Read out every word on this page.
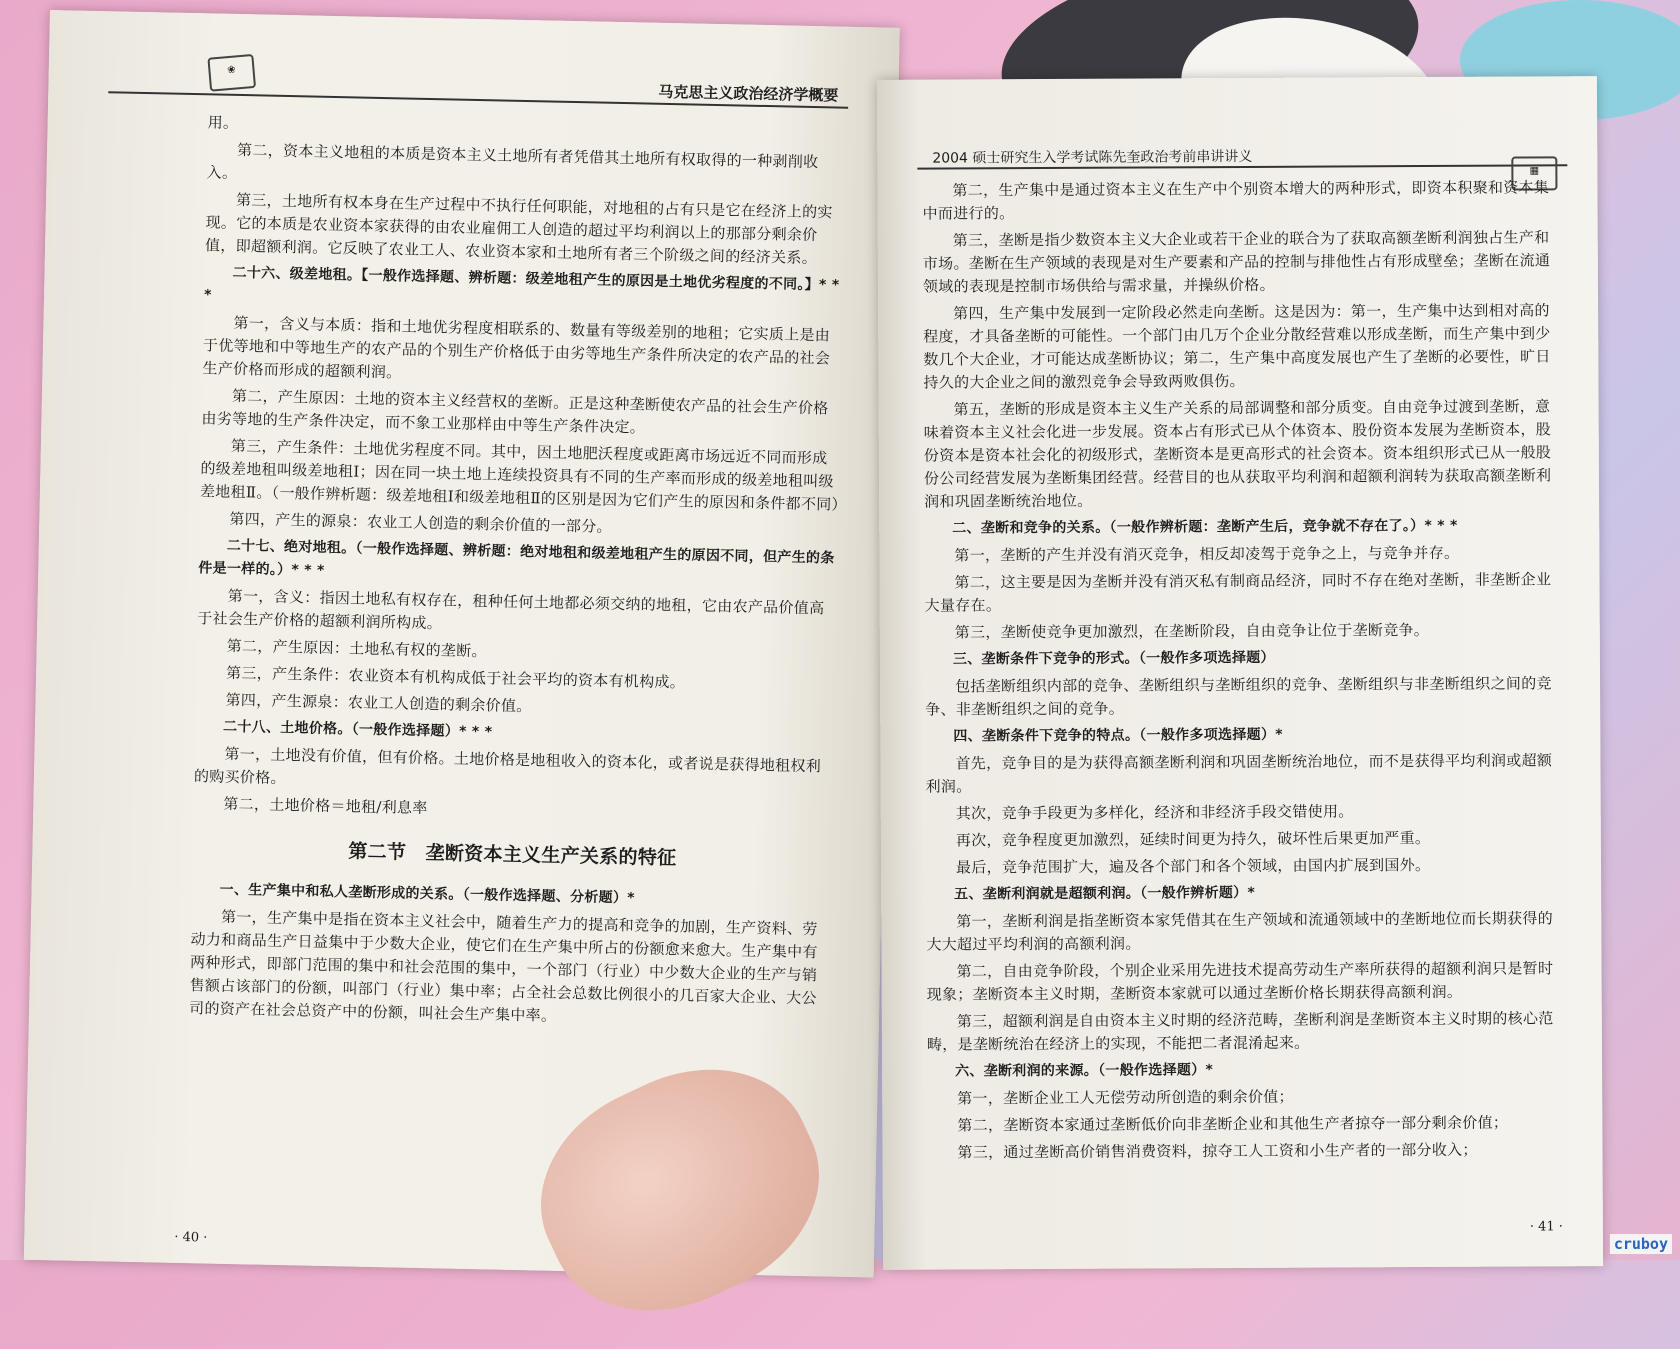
❀
马克思主义政治经济学概要

用。

第二，资本主义地租的本质是资本主义土地所有者凭借其土地所有权取得的一种剥削收入。

第三，土地所有权本身在生产过程中不执行任何职能，对地租的占有只是它在经济上的实现。它的本质是农业资本家获得的由农业雇佣工人创造的超过平均利润以上的那部分剩余价值，即超额利润。它反映了农业工人、农业资本家和土地所有者三个阶级之间的经济关系。

二十六、级差地租。【一般作选择题、辨析题：级差地租产生的原因是土地优劣程度的不同。】* * *

第一，含义与本质：指和土地优劣程度相联系的、数量有等级差别的地租；它实质上是由于优等地和中等地生产的农产品的个别生产价格低于由劣等地生产条件所决定的农产品的社会生产价格而形成的超额利润。

第二，产生原因：土地的资本主义经营权的垄断。正是这种垄断使农产品的社会生产价格由劣等地的生产条件决定，而不象工业那样由中等生产条件决定。

第三，产生条件：土地优劣程度不同。其中，因土地肥沃程度或距离市场远近不同而形成的级差地租叫级差地租Ⅰ；因在同一块土地上连续投资具有不同的生产率而形成的级差地租叫级差地租Ⅱ。（一般作辨析题：级差地租Ⅰ和级差地租Ⅱ的区别是因为它们产生的原因和条件都不同）

第四，产生的源泉：农业工人创造的剩余价值的一部分。

二十七、绝对地租。（一般作选择题、辨析题：绝对地租和级差地租产生的原因不同，但产生的条件是一样的。）* * *

第一，含义：指因土地私有权存在，租种任何土地都必须交纳的地租，它由农产品价值高于社会生产价格的超额利润所构成。

第二，产生原因：土地私有权的垄断。

第三，产生条件：农业资本有机构成低于社会平均的资本有机构成。

第四，产生源泉：农业工人创造的剩余价值。

二十八、土地价格。（一般作选择题）* * *

第一，土地没有价值，但有价格。土地价格是地租收入的资本化，或者说是获得地租权利的购买价格。

第二，土地价格＝地租/利息率

第二节　垄断资本主义生产关系的特征

一、生产集中和私人垄断形成的关系。（一般作选择题、分析题）*

第一，生产集中是指在资本主义社会中，随着生产力的提高和竞争的加剧，生产资料、劳动力和商品生产日益集中于少数大企业，使它们在生产集中所占的份额愈来愈大。生产集中有两种形式，即部门范围的集中和社会范围的集中，一个部门（行业）中少数大企业的生产与销售额占该部门的份额，叫部门（行业）集中率；占全社会总数比例很小的几百家大企业、大公司的资产在社会总资产中的份额，叫社会生产集中率。

· 40 ·
2004 硕士研究生入学考试陈先奎政治考前串讲讲义
▦

第二，生产集中是通过资本主义在生产中个别资本增大的两种形式，即资本积聚和资本集中而进行的。

第三，垄断是指少数资本主义大企业或若干企业的联合为了获取高额垄断利润独占生产和市场。垄断在生产领域的表现是对生产要素和产品的控制与排他性占有形成壁垒；垄断在流通领域的表现是控制市场供给与需求量，并操纵价格。

第四，生产集中发展到一定阶段必然走向垄断。这是因为：第一，生产集中达到相对高的程度，才具备垄断的可能性。一个部门由几万个企业分散经营难以形成垄断，而生产集中到少数几个大企业，才可能达成垄断协议；第二，生产集中高度发展也产生了垄断的必要性，旷日持久的大企业之间的激烈竞争会导致两败俱伤。

第五，垄断的形成是资本主义生产关系的局部调整和部分质变。自由竞争过渡到垄断，意味着资本主义社会化进一步发展。资本占有形式已从个体资本、股份资本发展为垄断资本，股份资本是资本社会化的初级形式，垄断资本是更高形式的社会资本。资本组织形式已从一般股份公司经营发展为垄断集团经营。经营目的也从获取平均利润和超额利润转为获取高额垄断利润和巩固垄断统治地位。

二、垄断和竞争的关系。（一般作辨析题：垄断产生后，竞争就不存在了。）* * *

第一，垄断的产生并没有消灭竞争，相反却凌驾于竞争之上，与竞争并存。

第二，这主要是因为垄断并没有消灭私有制商品经济，同时不存在绝对垄断，非垄断企业大量存在。

第三，垄断使竞争更加激烈，在垄断阶段，自由竞争让位于垄断竞争。

三、垄断条件下竞争的形式。（一般作多项选择题）

包括垄断组织内部的竞争、垄断组织与垄断组织的竞争、垄断组织与非垄断组织之间的竞争、非垄断组织之间的竞争。

四、垄断条件下竞争的特点。（一般作多项选择题）*

首先，竞争目的是为获得高额垄断利润和巩固垄断统治地位，而不是获得平均利润或超额利润。

其次，竞争手段更为多样化，经济和非经济手段交错使用。

再次，竞争程度更加激烈，延续时间更为持久，破坏性后果更加严重。

最后，竞争范围扩大，遍及各个部门和各个领域，由国内扩展到国外。

五、垄断利润就是超额利润。（一般作辨析题）*

第一，垄断利润是指垄断资本家凭借其在生产领域和流通领域中的垄断地位而长期获得的大大超过平均利润的高额利润。

第二，自由竞争阶段，个别企业采用先进技术提高劳动生产率所获得的超额利润只是暂时现象；垄断资本主义时期，垄断资本家就可以通过垄断价格长期获得高额利润。

第三，超额利润是自由资本主义时期的经济范畴，垄断利润是垄断资本主义时期的核心范畴，是垄断统治在经济上的实现，不能把二者混淆起来。

六、垄断利润的来源。（一般作选择题）*

第一，垄断企业工人无偿劳动所创造的剩余价值；

第二，垄断资本家通过垄断低价向非垄断企业和其他生产者掠夺一部分剩余价值；

第三，通过垄断高价销售消费资料，掠夺工人工资和小生产者的一部分收入；

· 41 ·
cruboy
